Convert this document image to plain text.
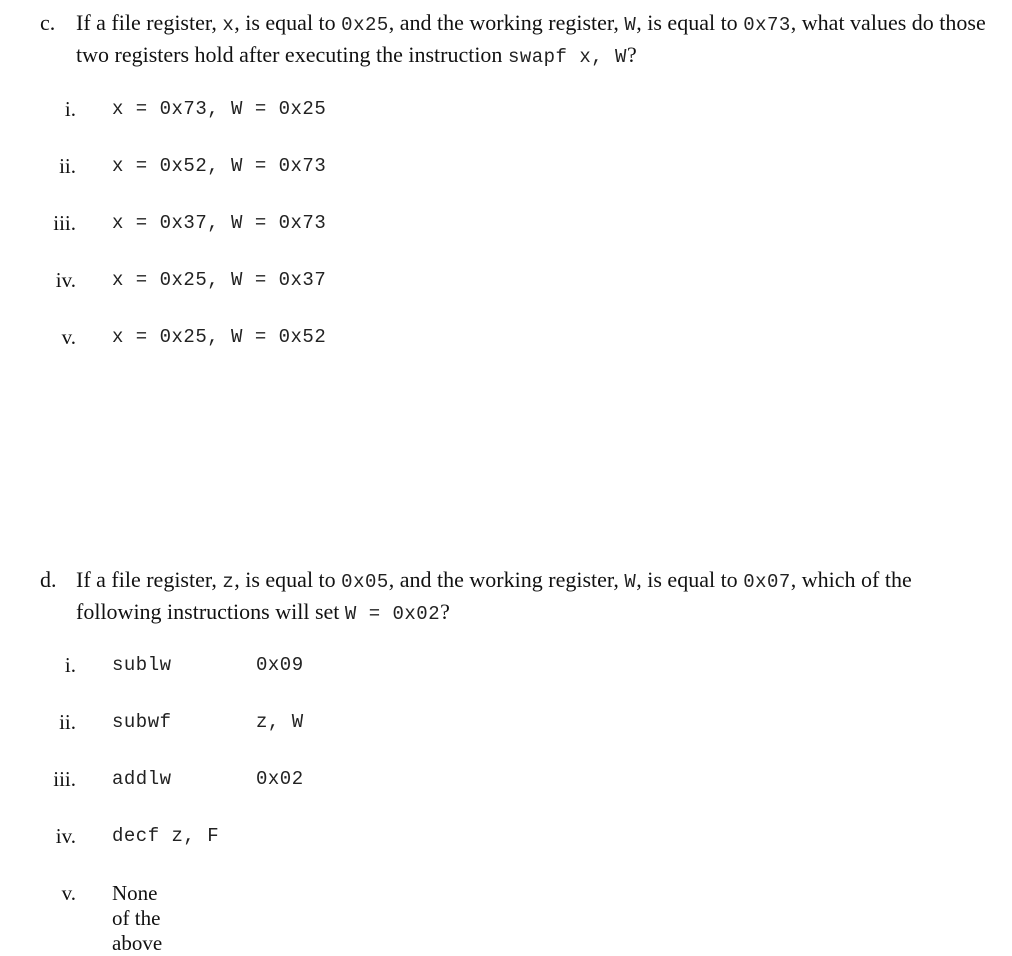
c. If a file register, x, is equal to 0x25, and the working register, W, is equal to 0x73, what values do those two registers hold after executing the instruction swapf x, W?
i. x = 0x73, W = 0x25
ii. x = 0x52, W = 0x73
iii. x = 0x37, W = 0x73
iv. x = 0x25, W = 0x37
v. x = 0x25, W = 0x52
d. If a file register, z, is equal to 0x05, and the working register, W, is equal to 0x07, which of the following instructions will set W = 0x02?
i. sublw	0x09
ii. subwf	z, W
iii. addlw	0x02
iv. decf z, F
v. None of the above
